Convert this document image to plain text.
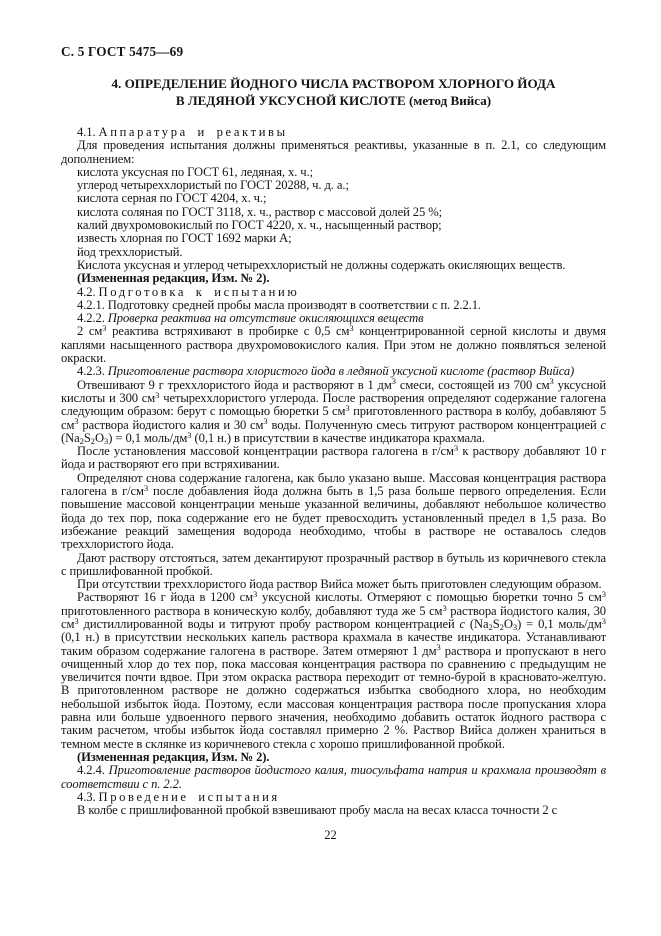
С. 5 ГОСТ 5475—69
4. ОПРЕДЕЛЕНИЕ ЙОДНОГО ЧИСЛА РАСТВОРОМ ХЛОРНОГО ЙОДА
В ЛЕДЯНОЙ УКСУСНОЙ КИСЛОТЕ (метод Вийса)
4.1. Аппаратура и реактивы
Для проведения испытания должны применяться реактивы, указанные в п. 2.1, со следующим дополнением:
кислота уксусная по ГОСТ 61, ледяная, х. ч.;
углерод четыреххлористый по ГОСТ 20288, ч. д. а.;
кислота серная по ГОСТ 4204, х. ч.;
кислота соляная по ГОСТ 3118, х. ч., раствор с массовой долей 25 %;
калий двухромовокислый по ГОСТ 4220, х. ч., насыщенный раствор;
известь хлорная по ГОСТ 1692 марки А;
йод треххлористый.
Кислота уксусная и углерод четыреххлористый не должны содержать окисляющих веществ.
(Измененная редакция, Изм. № 2).
4.2. Подготовка к испытанию
4.2.1. Подготовку средней пробы масла производят в соответствии с п. 2.2.1.
4.2.2. Проверка реактива на отсутствие окисляющихся веществ
2 $см^3$ реактива встряхивают в пробирке с 0,5 $см^3$ концентрированной серной кислоты и двумя каплями насыщенного раствора двухромовокислого калия. При этом не должно появляться зеленой окраски.
4.2.3. Приготовление раствора хлористого йода в ледяной уксусной кислоте (раствор Вийса)
Отвешивают 9 г треххлористого йода и растворяют в 1 $дм^3$ смеси, состоящей из 700 $см^3$ уксусной кислоты и 300 $см^3$ четыреххлористого углерода. После растворения определяют содержание галогена следующим образом: берут с помощью бюретки 5 $см^3$ приготовленного раствора в колбу, добавляют 5 $см^3$ раствора йодистого калия и 30 $см^3$ воды. Полученную смесь титруют раствором концентрацией c $(Na_2S_2O_3) = 0,1$ моль/$дм^3$ (0,1 н.) в присутствии в качестве индикатора крахмала.
После установления массовой концентрации раствора галогена в $г/см^3$ к раствору добавляют 10 г йода и растворяют его при встряхивании.
Определяют снова содержание галогена, как было указано выше. Массовая концентрация раствора галогена в $г/см^3$ после добавления йода должна быть в 1,5 раза больше первого определения. Если повышение массовой концентрации меньше указанной величины, добавляют небольшое количество йода до тех пор, пока содержание его не будет превосходить установленный предел в 1,5 раза. Во избежание реакций замещения водорода необходимо, чтобы в растворе не оставалось следов треххлористого йода.
Дают раствору отстояться, затем декантируют прозрачный раствор в бутыль из коричневого стекла с пришлифованной пробкой.
При отсутствии треххлористого йода раствор Вийса может быть приготовлен следующим образом.
Растворяют 16 г йода в 1200 $см^3$ уксусной кислоты. Отмеряют с помощью бюретки точно 5 $см^3$ приготовленного раствора в коническую колбу, добавляют туда же 5 $см^3$ раствора йодистого калия, 30 $см^3$ дистиллированной воды и титруют пробу раствором концентрацией c $(Na_2S_2O_3) = 0,1$ моль/$дм^3$ (0,1 н.) в присутствии нескольких капель раствора крахмала в качестве индикатора. Устанавливают таким образом содержание галогена в растворе. Затем отмеряют 1 $дм^3$ раствора и пропускают в него очищенный хлор до тех пор, пока массовая концентрация раствора по сравнению с предыдущим не увеличится почти вдвое. При этом окраска раствора переходит от темно-бурой в красновато-желтую. В приготовленном растворе не должно содержаться избытка свободного хлора, но необходим небольшой избыток йода. Поэтому, если массовая концентрация раствора после пропускания хлора равна или больше удвоенного первого значения, необходимо добавить остаток йодного раствора с таким расчетом, чтобы избыток йода составлял примерно 2 %. Раствор Вийса должен храниться в темном месте в склянке из коричневого стекла с хорошо пришлифованной пробкой.
(Измененная редакция, Изм. № 2).
4.2.4. Приготовление растворов йодистого калия, тиосульфата натрия и крахмала производят в соответствии с п. 2.2.
4.3. Проведение испытания
В колбе с пришлифованной пробкой взвешивают пробу масла на весах класса точности 2 с
22
